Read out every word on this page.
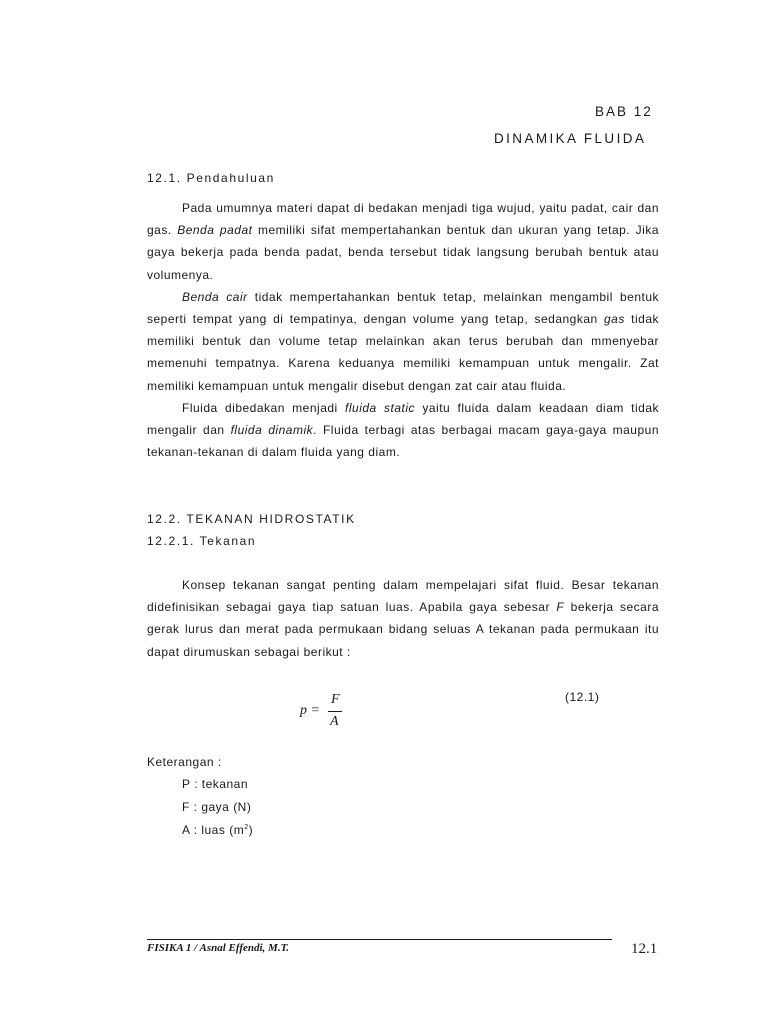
BAB 12
DINAMIKA FLUIDA
12.1. Pendahuluan

Pada umumnya materi dapat di bedakan menjadi tiga wujud, yaitu padat, cair dan gas. Benda padat memiliki sifat mempertahankan bentuk dan ukuran yang tetap. Jika gaya bekerja pada benda padat, benda tersebut tidak langsung berubah bentuk atau volumenya.

Benda cair tidak mempertahankan bentuk tetap, melainkan mengambil bentuk seperti tempat yang di tempatinya, dengan volume yang tetap, sedangkan gas tidak memiliki bentuk dan volume tetap melainkan akan terus berubah dan mmenyebar memenuhi tempatnya. Karena keduanya memiliki kemampuan untuk mengalir. Zat memiliki kemampuan untuk mengalir disebut dengan zat cair atau fluida.

Fluida dibedakan menjadi fluida static yaitu fluida dalam keadaan diam tidak mengalir dan fluida dinamik. Fluida terbagi atas berbagai macam gaya-gaya maupun tekanan-tekanan di dalam fluida yang diam.

12.2. TEKANAN HIDROSTATIK
12.2.1. Tekanan

Konsep tekanan sangat penting dalam mempelajari sifat fluid. Besar tekanan didefinisikan sebagai gaya tiap satuan luas. Apabila gaya sebesar F bekerja secara gerak lurus dan merat pada permukaan bidang seluas A tekanan pada permukaan itu dapat dirumuskan sebagai berikut :

p =
F
A
(12.1)
Keterangan :
P : tekanan
F : gaya (N)
A : luas $(m^2)$
FISIKA 1 / Asnal Effendi, M.T.	12.1
